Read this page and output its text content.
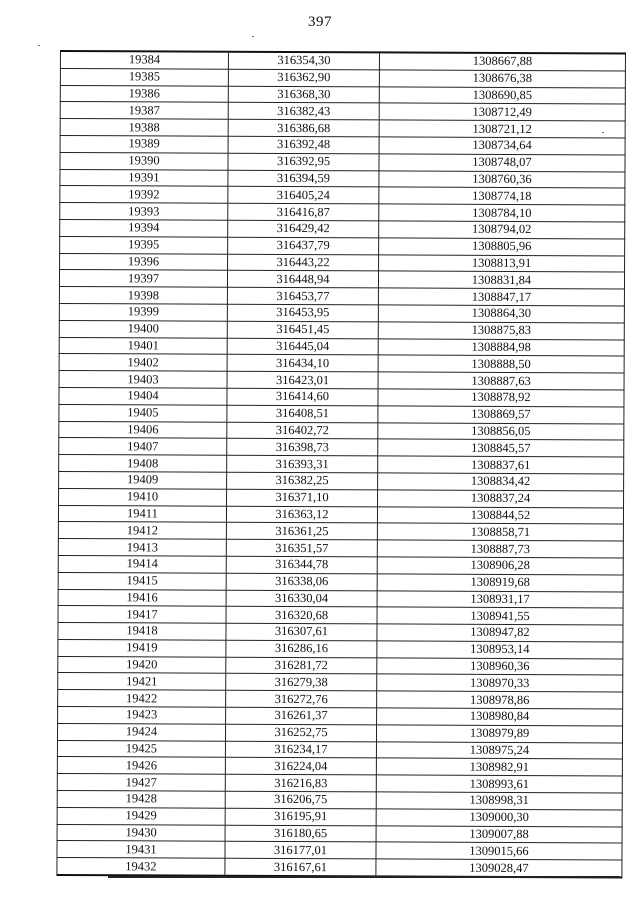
397
19384	316354,30	1308667,88
19385	316362,90	1308676,38
19386	316368,30	1308690,85
19387	316382,43	1308712,49
19388	316386,68	1308721,12
19389	316392,48	1308734,64
19390	316392,95	1308748,07
19391	316394,59	1308760,36
19392	316405,24	1308774,18
19393	316416,87	1308784,10
19394	316429,42	1308794,02
19395	316437,79	1308805,96
19396	316443,22	1308813,91
19397	316448,94	1308831,84
19398	316453,77	1308847,17
19399	316453,95	1308864,30
19400	316451,45	1308875,83
19401	316445,04	1308884,98
19402	316434,10	1308888,50
19403	316423,01	1308887,63
19404	316414,60	1308878,92
19405	316408,51	1308869,57
19406	316402,72	1308856,05
19407	316398,73	1308845,57
19408	316393,31	1308837,61
19409	316382,25	1308834,42
19410	316371,10	1308837,24
19411	316363,12	1308844,52
19412	316361,25	1308858,71
19413	316351,57	1308887,73
19414	316344,78	1308906,28
19415	316338,06	1308919,68
19416	316330,04	1308931,17
19417	316320,68	1308941,55
19418	316307,61	1308947,82
19419	316286,16	1308953,14
19420	316281,72	1308960,36
19421	316279,38	1308970,33
19422	316272,76	1308978,86
19423	316261,37	1308980,84
19424	316252,75	1308979,89
19425	316234,17	1308975,24
19426	316224,04	1308982,91
19427	316216,83	1308993,61
19428	316206,75	1308998,31
19429	316195,91	1309000,30
19430	316180,65	1309007,88
19431	316177,01	1309015,66
19432	316167,61	1309028,47
